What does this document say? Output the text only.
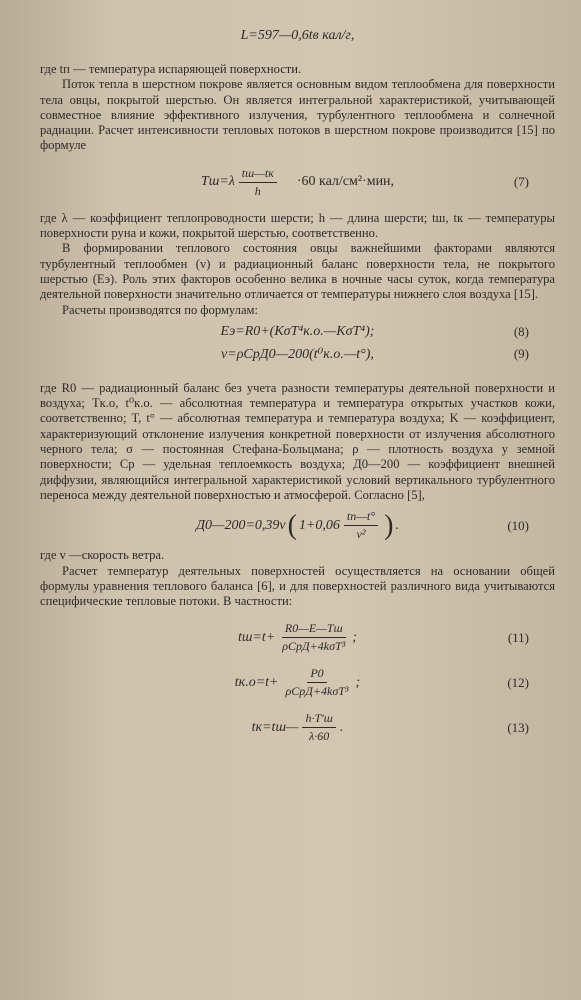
L=597—0,6tв кал/г,

где tп — температура испаряющей поверхности.

Поток тепла в шерстном покрове является основным видом теплообмена для поверхности тела овцы, покрытой шерстью. Он является интегральной характеристикой, учитывающей совместное влияние эффективного излучения, турбулентного теплообмена и солнечной радиации. Расчет интенсивности тепловых потоков в шерстном покрове производится [15] по формуле

$Tш=\lambda \frac{tш—tк}{h} \cdot 60$ кал/см²·мин,	(7)

где λ — коэффициент теплопроводности шерсти; h — длина шерсти; tш, tк — температуры поверхности руна и кожи, покрытой шерстью, соответственно.

В формировании теплового состояния овцы важнейшими факторами являются турбулентный теплообмен (v) и радиационный баланс поверхности тела, не покрытого шерстью (Eэ). Роль этих факторов особенно велика в ночные часы суток, когда температура деятельной поверхности значительно отличается от температуры нижнего слоя воздуха [15].

Расчеты производятся по формулам:

Eэ=R0+(KσT⁴к.о.—KσT⁴);	(8)
v=ρCpД0—200(t⁰к.о.—t°),	(9)

где R0 — радиационный баланс без учета разности температуры деятельной поверхности и воздуха; Tк.о, t⁰к.о. — абсолютная температура и температура открытых участков кожи, соответственно; T, t° — абсолютная температура и температура воздуха; K — коэффициент, характеризующий отклонение излучения конкретной поверхности от излучения абсолютного черного тела; σ — постоянная Стефана-Больцмана; ρ — плотность воздуха у земной поверхности; Cp — удельная теплоемкость воздуха; Д0—200 — коэффициент внешней диффузии, являющийся интегральной характеристикой условий вертикального турбулентного переноса между деятельной поверхностью и атмосферой. Согласно [5],

Д0—200=0,39v ( $1+0,06 \frac{tп—t^\circ}{\text{v²}}$ ) .	(10)

где v —скорость ветра.

Расчет температур деятельных поверхностей осуществляется на основании общей формулы уравнения теплового баланса [6], и для поверхностей различного вида учитываются специфические тепловые потоки. В частности:

$tш=t+ \frac{R0—E—Tш}{\text{ρCpД+4kσT³}}$ ;	(11)
$tк.о=t+ \frac{P0}{\text{ρCpД+4kσT³}}$ ;	(12)
tк=tш— $\frac{h\cdot T'ш}{\lambda\cdot 60}$ .	(13)
